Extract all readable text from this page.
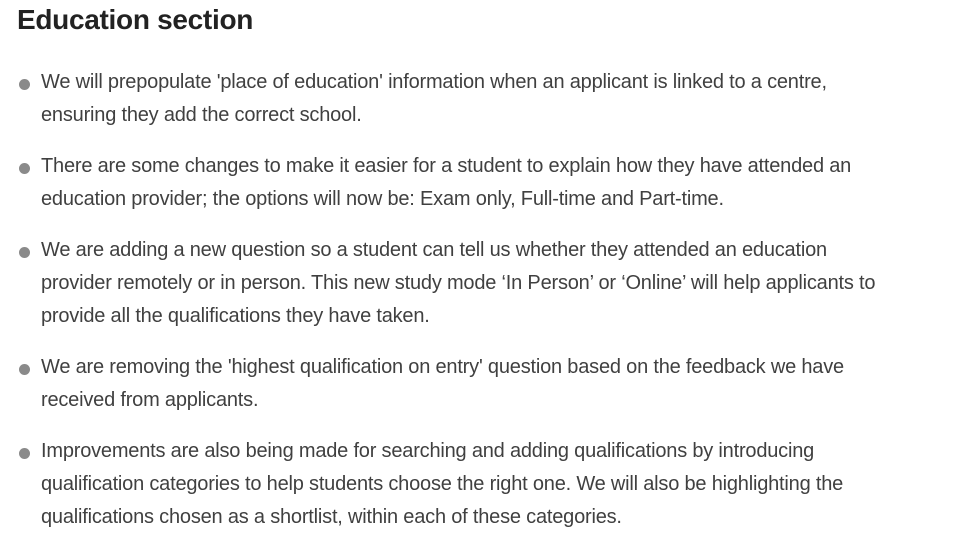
Education section
We will prepopulate 'place of education' information when an applicant is linked to a centre,
ensuring they add the correct school.
There are some changes to make it easier for a student to explain how they have attended an
education provider; the options will now be: Exam only, Full-time and Part-time.
We are adding a new question so a student can tell us whether they attended an education
provider remotely or in person. This new study mode ‘In Person’ or ‘Online’ will help applicants to
provide all the qualifications they have taken.
We are removing the 'highest qualification on entry' question based on the feedback we have
received from applicants.
Improvements are also being made for searching and adding qualifications by introducing
qualification categories to help students choose the right one. We will also be highlighting the
qualifications chosen as a shortlist, within each of these categories.
